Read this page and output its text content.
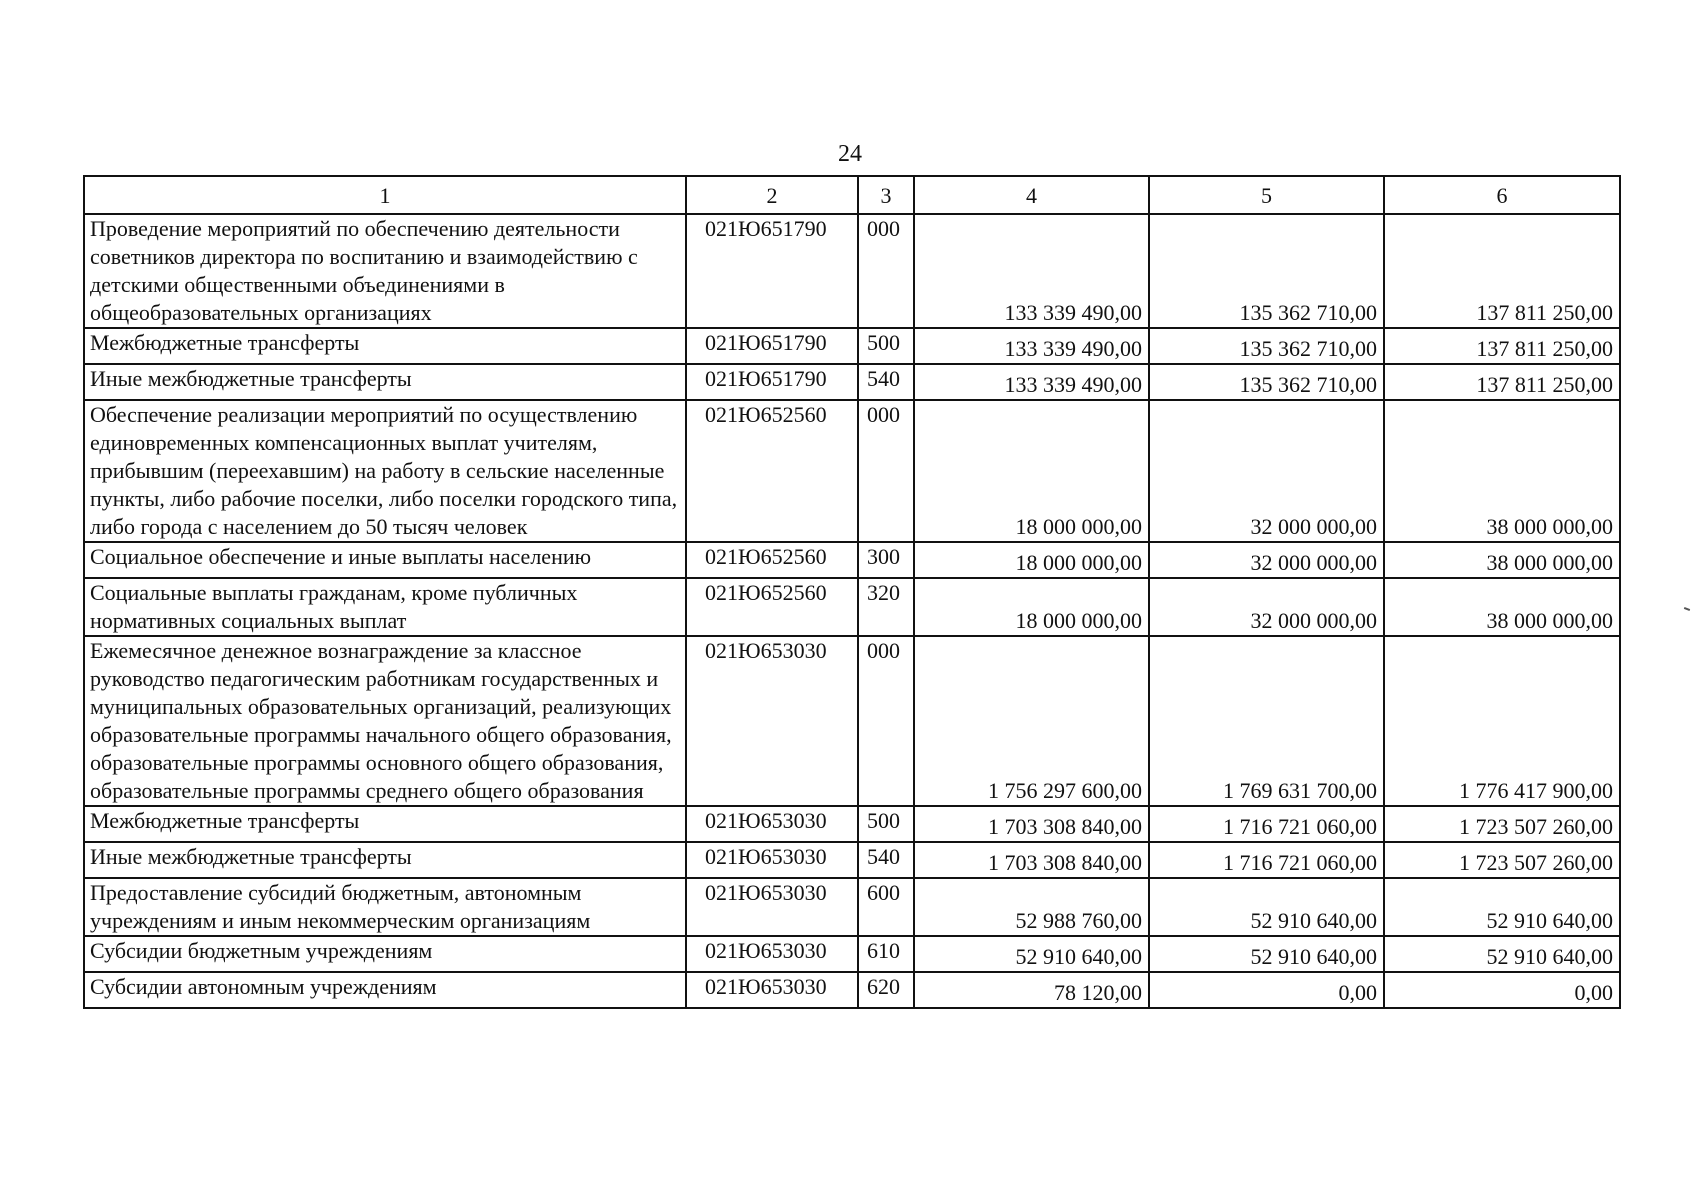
24
1	2	3	4	5	6
Проведение мероприятий по обеспечению деятельности советников директора по воспитанию и взаимодействию с детскими общественными объединениями в общеобразовательных организациях	021Ю651790	000	133 339 490,00	135 362 710,00	137 811 250,00
Межбюджетные трансферты	021Ю651790	500	133 339 490,00	135 362 710,00	137 811 250,00
Иные межбюджетные трансферты	021Ю651790	540	133 339 490,00	135 362 710,00	137 811 250,00
Обеспечение реализации мероприятий по осуществлению единовременных компенсационных выплат учителям, прибывшим (переехавшим) на работу в сельские населенные пункты, либо рабочие поселки, либо поселки городского типа, либо города с населением до 50 тысяч человек	021Ю652560	000	18 000 000,00	32 000 000,00	38 000 000,00
Социальное обеспечение и иные выплаты населению	021Ю652560	300	18 000 000,00	32 000 000,00	38 000 000,00
Социальные выплаты гражданам, кроме публичных нормативных социальных выплат	021Ю652560	320	18 000 000,00	32 000 000,00	38 000 000,00
Ежемесячное денежное вознаграждение за классное руководство педагогическим работникам государственных и муниципальных образовательных организаций, реализующих образовательные программы начального общего образования, образовательные программы основного общего образования, образовательные программы среднего общего образования	021Ю653030	000	1 756 297 600,00	1 769 631 700,00	1 776 417 900,00
Межбюджетные трансферты	021Ю653030	500	1 703 308 840,00	1 716 721 060,00	1 723 507 260,00
Иные межбюджетные трансферты	021Ю653030	540	1 703 308 840,00	1 716 721 060,00	1 723 507 260,00
Предоставление субсидий бюджетным, автономным учреждениям и иным некоммерческим организациям	021Ю653030	600	52 988 760,00	52 910 640,00	52 910 640,00
Субсидии бюджетным учреждениям	021Ю653030	610	52 910 640,00	52 910 640,00	52 910 640,00
Субсидии автономным учреждениям	021Ю653030	620	78 120,00	0,00	0,00
